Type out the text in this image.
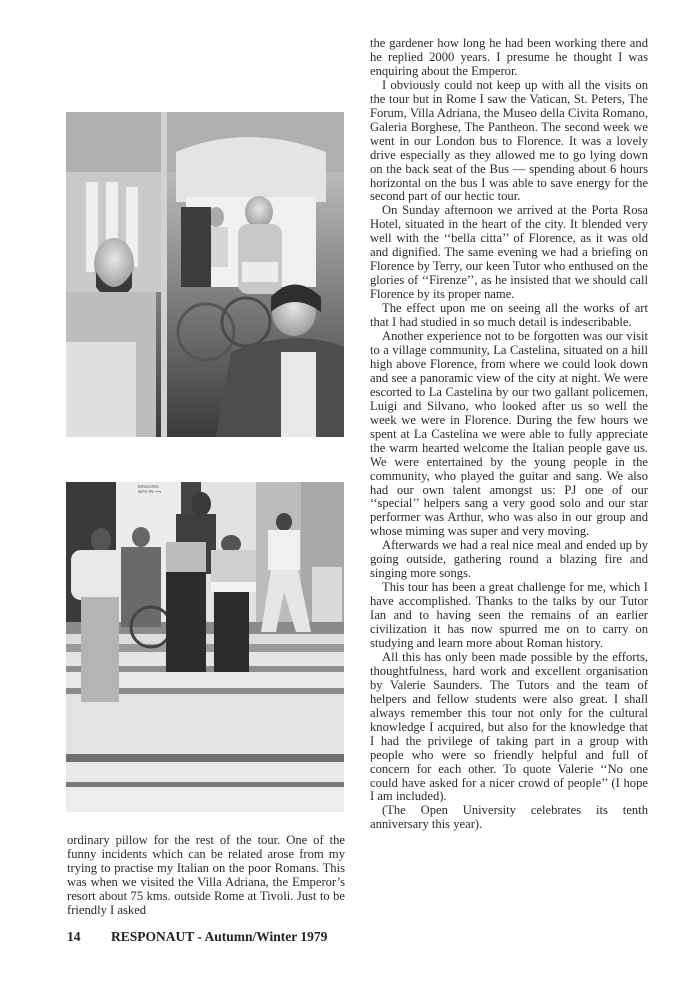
EINGANG
WAY IN ⟶

ordinary pillow for the rest of the tour. One of the funny incidents which can be related arose from my trying to practise my Italian on the poor Romans. This was when we visited the Villa Adriana, the Emperor’s resort about 75 kms. outside Rome at Tivoli. Just to be friendly I asked

the gardener how long he had been working there and he replied 2000 years. I presume he thought I was enquiring about the Emperor.

I obviously could not keep up with all the visits on the tour but in Rome I saw the Vatican, St. Peters, The Forum, Villa Adriana, the Museo della Civita Romano, Galeria Borghese, The Pantheon. The second week we went in our London bus to Florence. It was a lovely drive especially as they allowed me to go lying down on the back seat of the Bus — spending about 6 hours horizontal on the bus I was able to save energy for the second part of our hectic tour.

On Sunday afternoon we arrived at the Porta Rosa Hotel, situated in the heart of the city. It blended very well with the ‘‘bella citta’’ of Florence, as it was old and dignified. The same evening we had a briefing on Florence by Terry, our keen Tutor who enthused on the glories of ‘‘Firenze’’, as he insisted that we should call Florence by its proper name.

The effect upon me on seeing all the works of art that I had studied in so much detail is indescribable.

Another experience not to be forgotten was our visit to a village community, La Castelina, situated on a hill high above Florence, from where we could look down and see a panoramic view of the city at night. We were escorted to La Castelina by our two gallant policemen, Luigi and Silvano, who looked after us so well the week we were in Florence. During the few hours we spent at La Castelina we were able to fully appreciate the warm hearted welcome the Italian people gave us. We were entertained by the young people in the community, who played the guitar and sang. We also had our own talent amongst us: PJ one of our ‘‘special’’ helpers sang a very good solo and our star performer was Arthur, who was also in our group and whose miming was super and very moving.

Afterwards we had a real nice meal and ended up by going outside, gathering round a blazing fire and singing more songs.

This tour has been a great challenge for me, which I have accomplished. Thanks to the talks by our Tutor Ian and to having seen the remains of an earlier civilization it has now spurred me on to carry on studying and learn more about Roman history.

All this has only been made possible by the efforts, thoughtfulness, hard work and excellent organisation by Valerie Saunders. The Tutors and the team of helpers and fellow students were also great. I shall always remember this tour not only for the cultural knowledge I acquired, but also for the knowledge that I had the privilege of taking part in a group with people who were so friendly helpful and full of concern for each other. To quote Valerie ‘‘No one could have asked for a nicer crowd of people’’ (I hope I am included).

(The Open University celebrates its tenth anniversary this year).

14 RESPONAUT - Autumn/Winter 1979
